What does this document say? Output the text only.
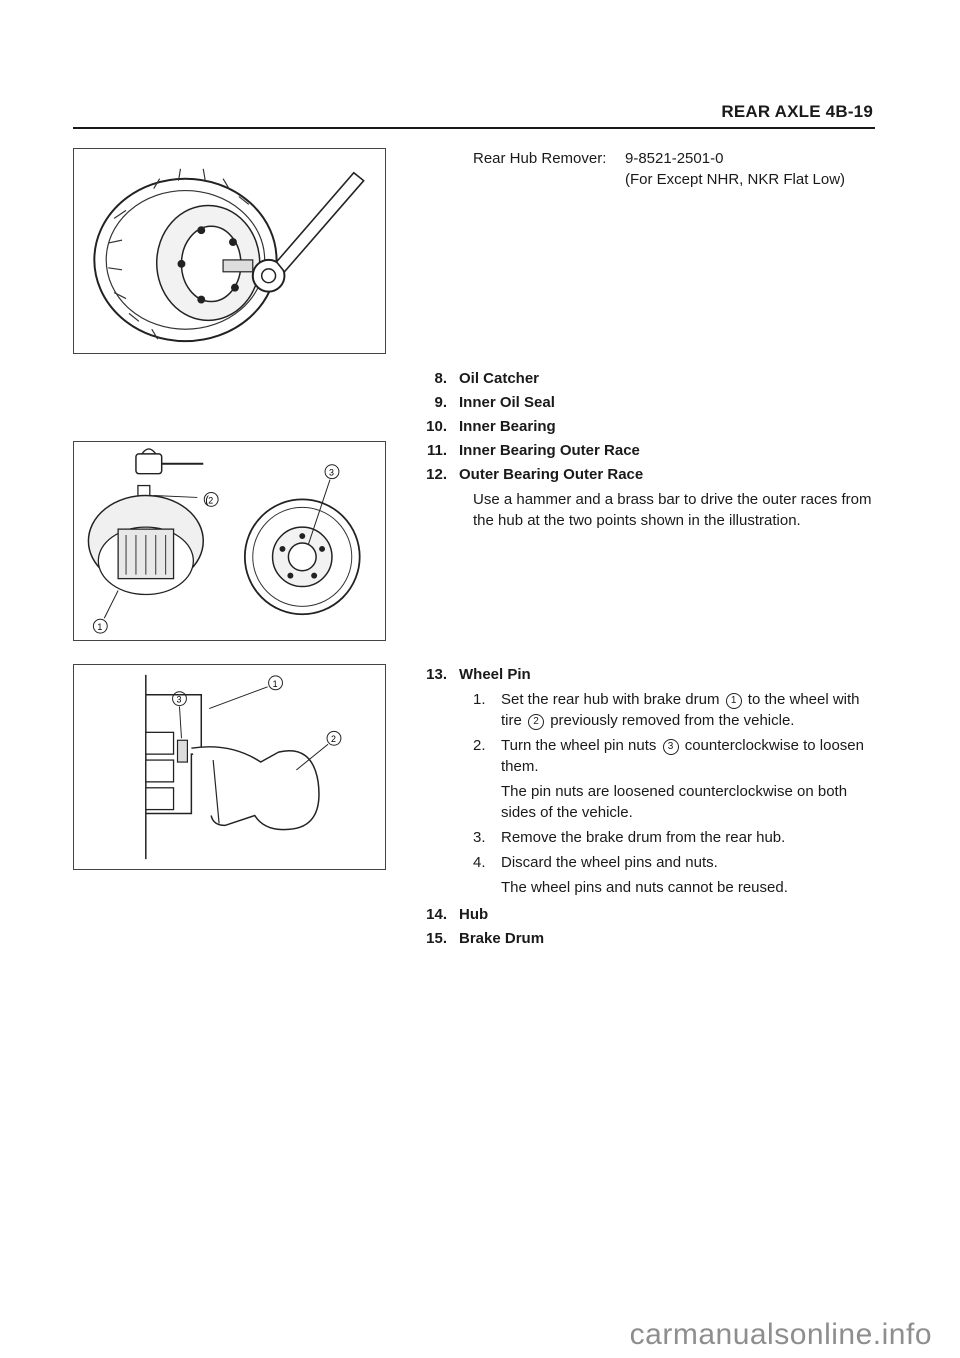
REAR AXLE 4B-19
( 2
1
3
3
1
2
Rear Hub Remover:	9-8521-2501-0
(For Except NHR, NKR Flat Low)
8. Oil Catcher
9. Inner Oil Seal
10. Inner Bearing
11. Inner Bearing Outer Race
12. Outer Bearing Outer Race
Use a hammer and a brass bar to drive the outer races from the hub at the two points shown in the illustration.
13. Wheel Pin
1.	Set the rear hub with brake drum 1 to the wheel with tire 2 previously removed from the vehicle.
2.	Turn the wheel pin nuts 3 counterclockwise to loosen them.
The pin nuts are loosened counterclockwise on both sides of the vehicle.
3.	Remove the brake drum from the rear hub.
4.	Discard the wheel pins and nuts.
The wheel pins and nuts cannot be reused.
14. Hub
15. Brake Drum
carmanualsonline.info
